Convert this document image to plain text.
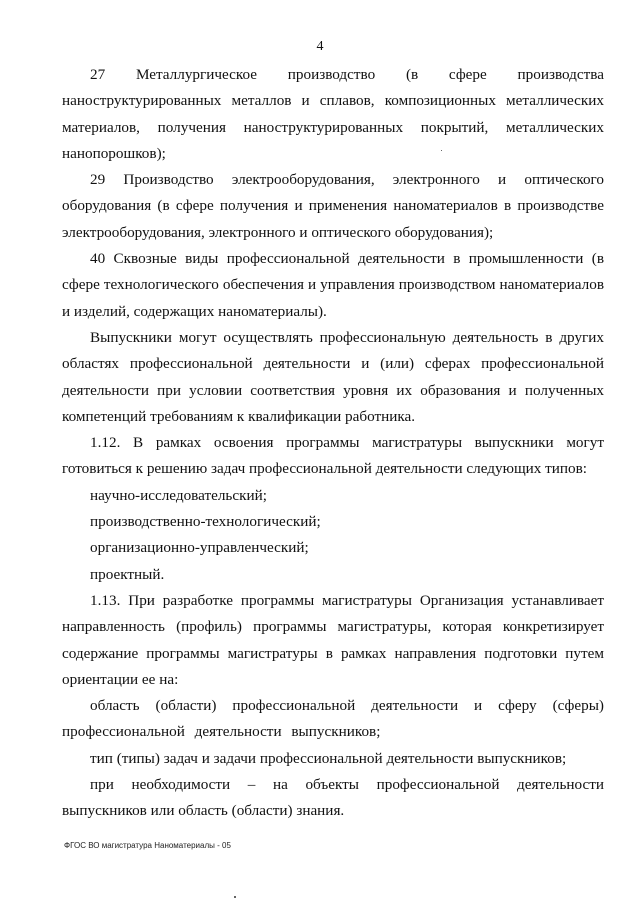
4

27 Металлургическое производство (в сфере производства наноструктурированных металлов и сплавов, композиционных металлических материалов, получения наноструктурированных покрытий, металлических нанопорошков);

29 Производство электрооборудования, электронного и оптического оборудования (в сфере получения и применения наноматериалов в производстве электрооборудования, электронного и оптического оборудования);

40 Сквозные виды профессиональной деятельности в промышленности (в сфере технологического обеспечения и управления производством наноматериалов и изделий, содержащих наноматериалы).

Выпускники могут осуществлять профессиональную деятельность в других областях профессиональной деятельности и (или) сферах профессиональной деятельности при условии соответствия уровня их образования и полученных компетенций требованиям к квалификации работника.

1.12. В рамках освоения программы магистратуры выпускники могут готовиться к решению задач профессиональной деятельности следующих типов:

научно-исследовательский;

производственно-технологический;

организационно-управленческий;

проектный.

1.13. При разработке программы магистратуры Организация устанавливает направленность (профиль) программы магистратуры, которая конкретизирует содержание программы магистратуры в рамках направления подготовки путем ориентации ее на:

область (области) профессиональной деятельности и сферу (сферы) профессиональной деятельности выпускников;

тип (типы) задач и задачи профессиональной деятельности выпускников;

при необходимости – на объекты профессиональной деятельности выпускников или область (области) знания.

ФГОС ВО магистратура Наноматериалы - 05
